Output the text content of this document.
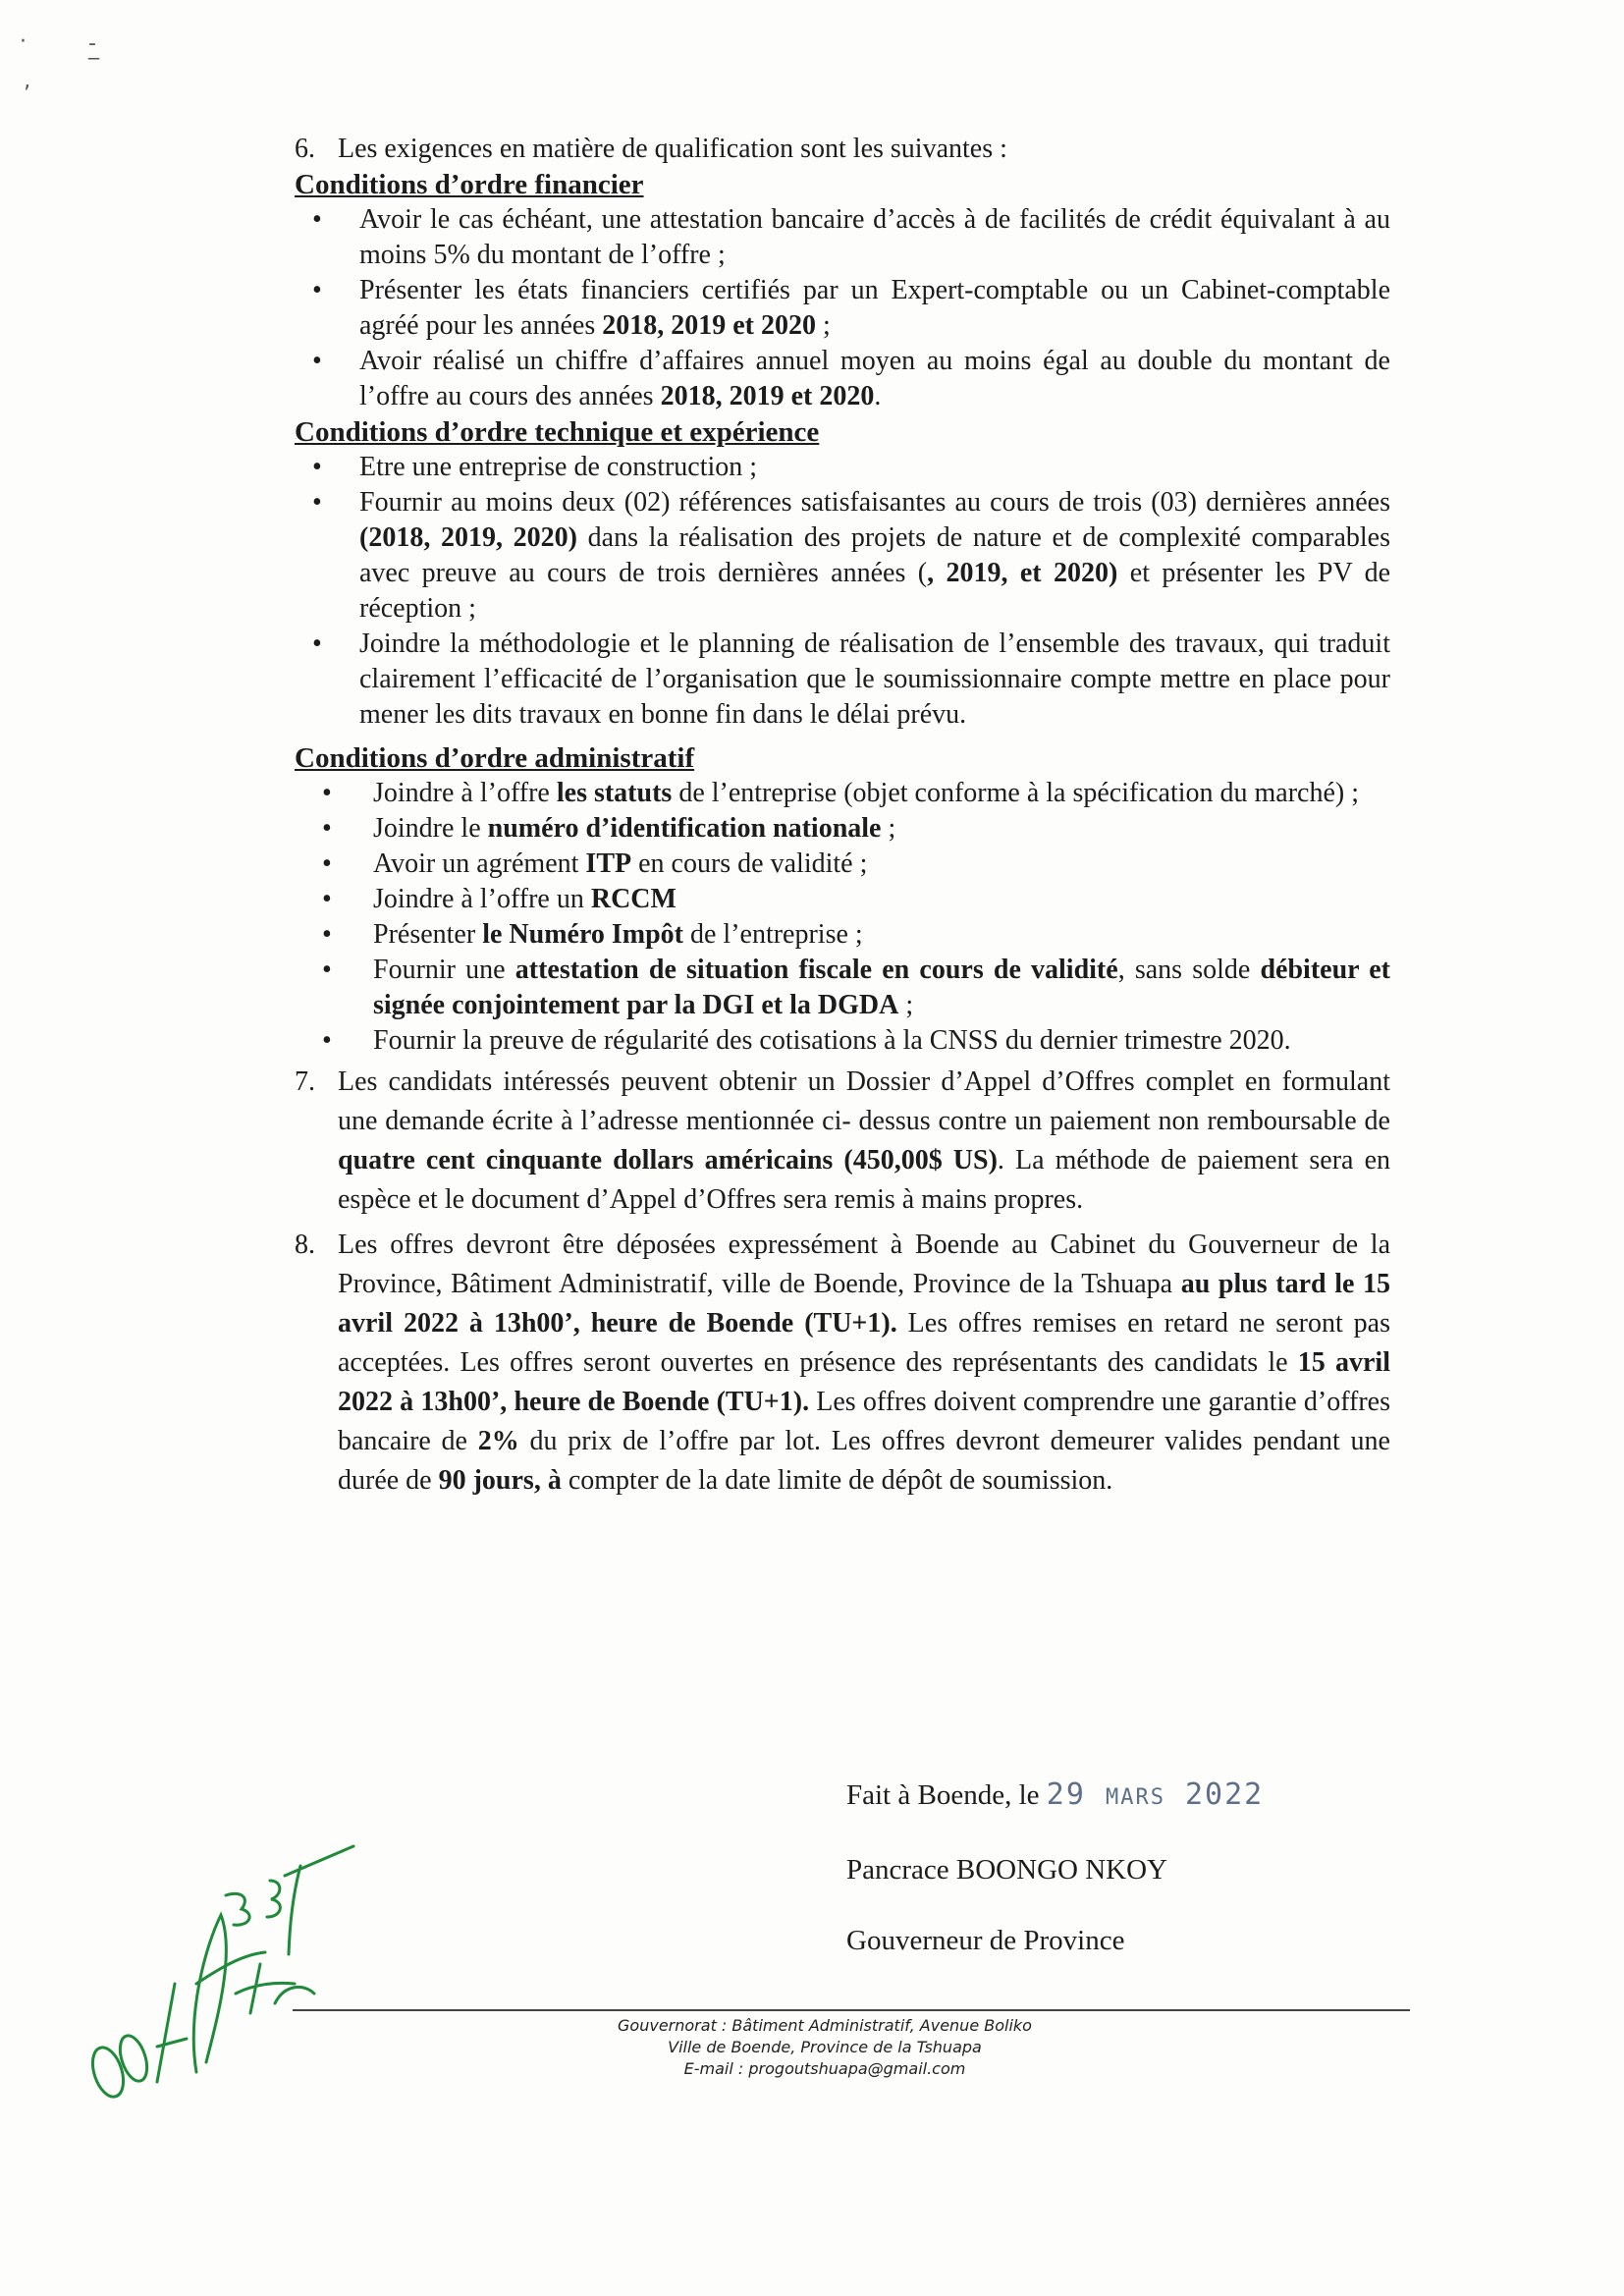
·	- ‾
‚

6. Les exigences en matière de qualification sont les suivantes :

Conditions d’ordre financier

• Avoir le cas échéant, une attestation bancaire d’accès à de facilités de crédit équivalant à au moins 5% du montant de l’offre ;
• Présenter les états financiers certifiés par un Expert-comptable ou un Cabinet-comptable agréé pour les années 2018, 2019 et 2020 ;
• Avoir réalisé un chiffre d’affaires annuel moyen au moins égal au double du montant de l’offre au cours des années 2018, 2019 et 2020.

Conditions d’ordre technique et expérience

• Etre une entreprise de construction ;
• Fournir au moins deux (02) références satisfaisantes au cours de trois (03) dernières années (2018, 2019, 2020) dans la réalisation des projets de nature et de complexité comparables avec preuve au cours de trois dernières années (, 2019, et 2020) et présenter les PV de réception ;
• Joindre la méthodologie et le planning de réalisation de l’ensemble des travaux, qui traduit clairement l’efficacité de l’organisation que le soumissionnaire compte mettre en place pour mener les dits travaux en bonne fin dans le délai prévu.

Conditions d’ordre administratif

• Joindre à l’offre les statuts de l’entreprise (objet conforme à la spécification du marché) ;
• Joindre le numéro d’identification nationale ;
• Avoir un agrément ITP en cours de validité ;
• Joindre à l’offre un RCCM
• Présenter le Numéro Impôt de l’entreprise ;
• Fournir une attestation de situation fiscale en cours de validité, sans solde débiteur et signée conjointement par la DGI et la DGDA ;
• Fournir la preuve de régularité des cotisations à la CNSS du dernier trimestre 2020.

7. Les candidats intéressés peuvent obtenir un Dossier d’Appel d’Offres complet en formulant une demande écrite à l’adresse mentionnée ci- dessus contre un paiement non remboursable de quatre cent cinquante dollars américains (450,00$ US). La méthode de paiement sera en espèce et le document d’Appel d’Offres sera remis à mains propres.

8. Les offres devront être déposées expressément à Boende au Cabinet du Gouverneur de la Province, Bâtiment Administratif, ville de Boende, Province de la Tshuapa au plus tard le 15 avril 2022 à 13h00’, heure de Boende (TU+1). Les offres remises en retard ne seront pas acceptées. Les offres seront ouvertes en présence des représentants des candidats le 15 avril 2022 à 13h00’, heure de Boende (TU+1). Les offres doivent comprendre une garantie d’offres bancaire de 2% du prix de l’offre par lot. Les offres devront demeurer valides pendant une durée de 90 jours, à compter de la date limite de dépôt de soumission.

Fait à Boende, le 29 MARS 2022
Pancrace BOONGO NKOY
Gouverneur de Province
Gouvernorat : Bâtiment Administratif, Avenue Boliko
Ville de Boende, Province de la Tshuapa
E-mail : progoutshuapa@gmail.com
